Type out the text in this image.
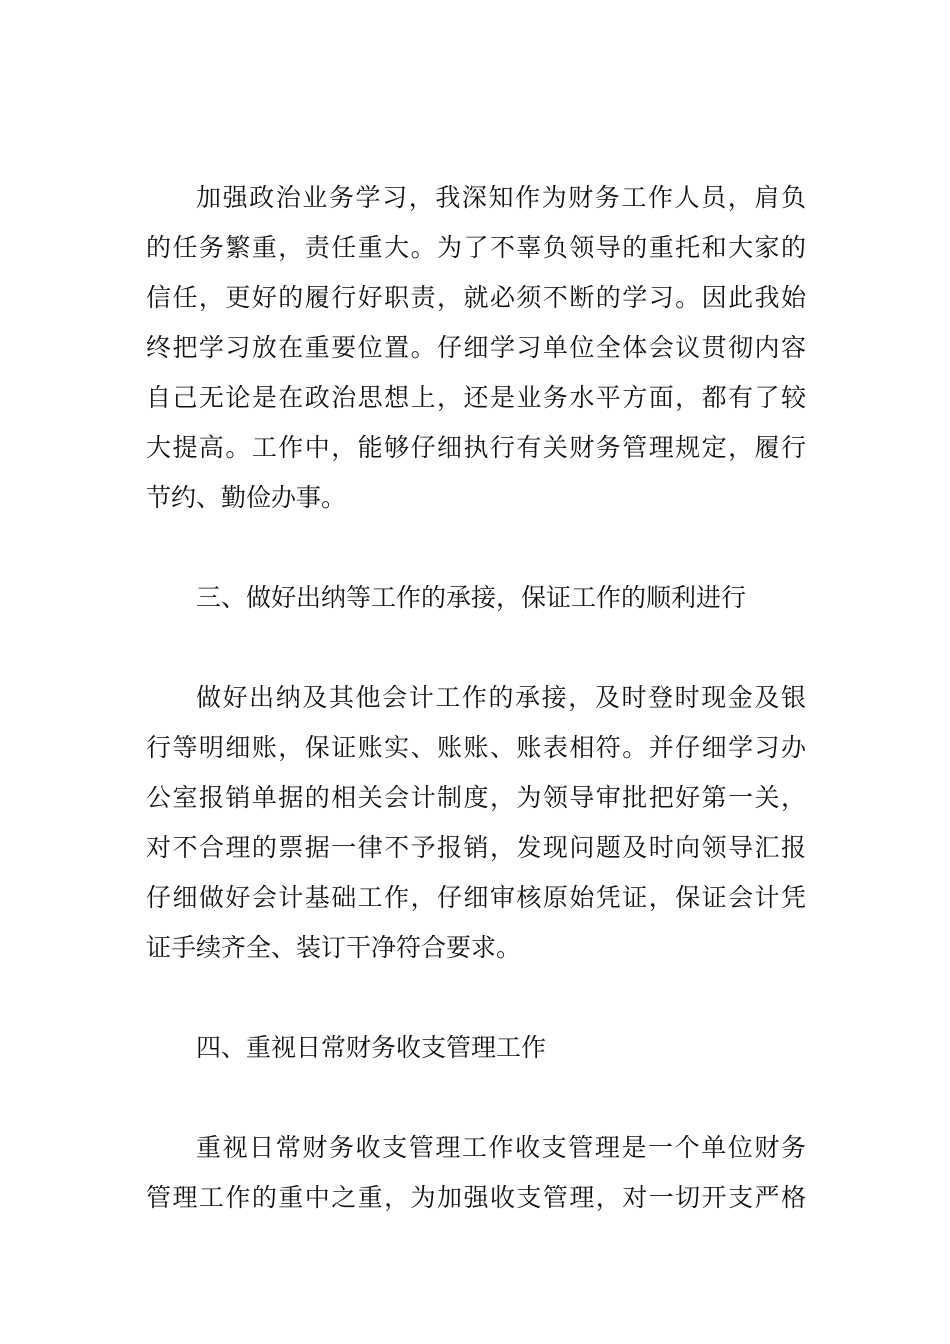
加强政治业务学习，我深知作为财务工作人员，肩负
的任务繁重，责任重大。为了不辜负领导的重托和大家的
信任，更好的履行好职责，就必须不断的学习。因此我始
终把学习放在重要位置。仔细学习单位全体会议贯彻内容
自己无论是在政治思想上，还是业务水平方面，都有了较
大提高。工作中，能够仔细执行有关财务管理规定，履行
节约、勤俭办事。
三、做好出纳等工作的承接，保证工作的顺利进行
做好出纳及其他会计工作的承接，及时登时现金及银
行等明细账，保证账实、账账、账表相符。并仔细学习办
公室报销单据的相关会计制度，为领导审批把好第一关，
对不合理的票据一律不予报销，发现问题及时向领导汇报
仔细做好会计基础工作，仔细审核原始凭证，保证会计凭
证手续齐全、装订干净符合要求。
四、重视日常财务收支管理工作
重视日常财务收支管理工作收支管理是一个单位财务
管理工作的重中之重，为加强收支管理，对一切开支严格
